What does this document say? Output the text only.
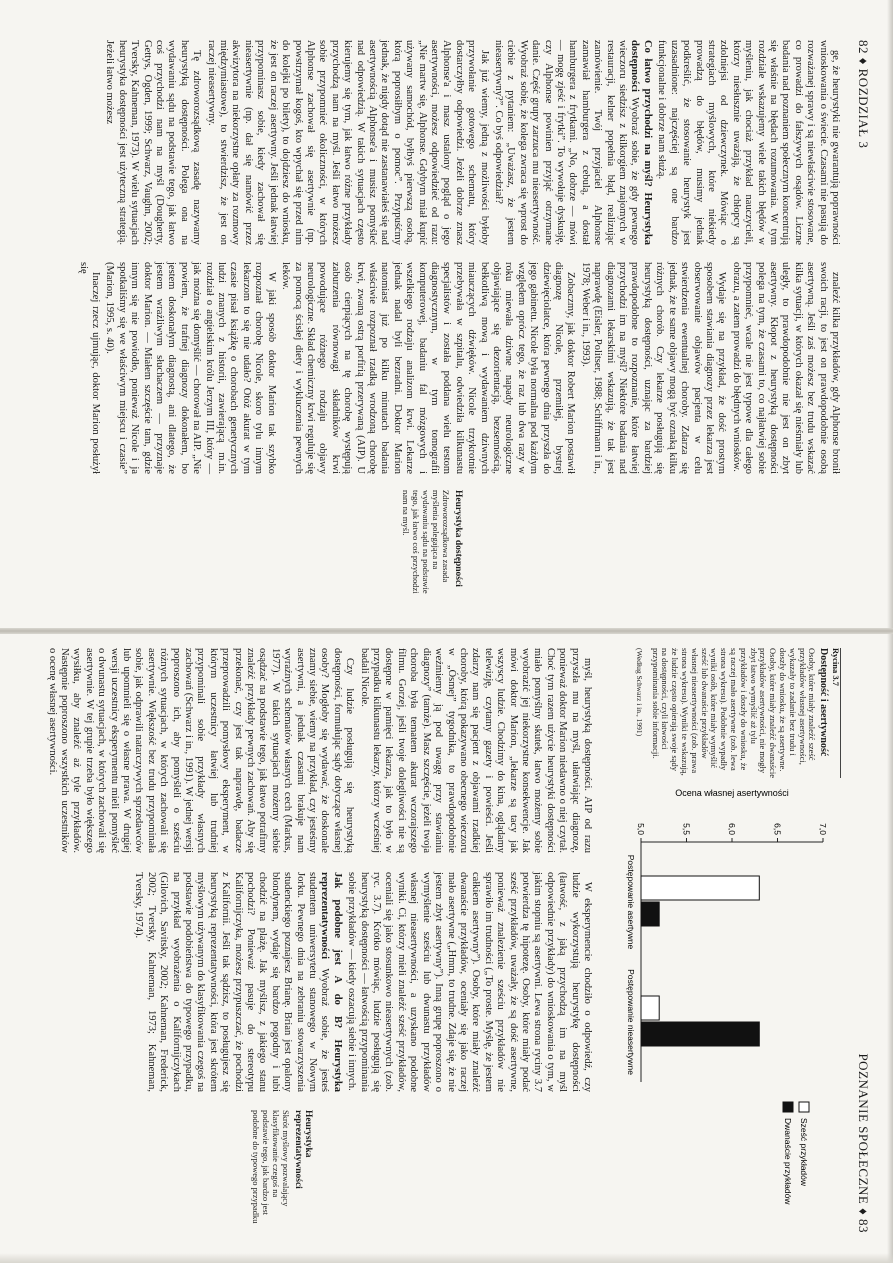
82 ♦ ROZDZIAŁ 3

ge, że heurystyki nie gwarantują poprawności wnioskowania o świecie. Czasami nie pasują do rozważanej sprawy i są niewłaściwie stosowane, co prowadzi do fałszywych osądów. Liczne badania nad poznaniem społecznym koncentrują się właśnie na błędach rozumowania. W tym rozdziale wskazujemy wiele takich błędów w myśleniu, jak chociaż przykład nauczycieli, którzy niesłusznie uważają, że chłopcy są zdolniejsi od dziewczynek. Mówiąc o strategiach myślowych, które niekiedy prowadzą do błędów, musimy jednak podkreślić, że stosowanie heurystyk jest uzasadnione: najczęściej są one bardzo funkcjonalne i dobrze nam służą.

Co łatwo przychodzi na myśl? Heurystyka dostępności Wyobraź sobie, że gdy pewnego wieczoru siedzisz z kilkorgiem znajomych w restauracji, kelner popełnia błąd, realizując zamówienie. Twój przyjaciel Alphonse zamawiał hamburgera z cebulą, a dostał hamburgera z frytkami. „No, dobrze — mówi — mogę zjeść i frytki”. To wywołuje dyskusję, czy Alphonse powinien przyjąć otrzymane danie. Część grupy zarzuca mu nieasertywność. Wyobraź sobie, że kolega zwraca się wprost do ciebie z pytaniem: „Uważasz, że jestem nieasertywny?”. Co byś odpowiedział?

Jak już wiemy, jedną z możliwości byłoby przywołanie gotowego schematu, który dostarczyłby odpowiedzi. Jeżeli dobrze znasz Alphonse'a i masz ustalony pogląd o jego asertywności, możesz odpowiedzieć od razu: „Nie martw się, Alphonse. Gdybym miał kupić używany samochód, byłbyś pierwszą osobą, którą poprosiłbym o pomoc”. Przypuśćmy jednak, że nigdy dotąd nie zastanawiałeś się nad asertywnością Alphonse'a i musisz pomyśleć nad odpowiedzią. W takich sytuacjach często kierujemy się tym, jak łatwo różne przykłady przychodzą nam na myśl. Jeśli łatwo możesz sobie przypomnieć okoliczności, w których Alphonse zachował się asertywnie (np. powstrzymał kogoś, kto wpychał się przed nim do kolejki po bilety), to dojdziesz do wniosku, że jest on raczej asertywny. Jeśli jednak łatwiej przypominasz sobie, kiedy zachował się nieasertywnie (np. dał się namówić przez akwizytora na niekorzystne opłaty za rozmowy międzymiastowe), to stwierdzisz, że jest on raczej nieasertywny.

Tę zdroworozsądkową zasadę nazywamy heurystyką dostępności. Polega ona na wydawaniu sądu na podstawie tego, jak łatwo coś przychodzi nam na myśl (Dougherty, Gettys, Ogden, 1999; Schwarz, Vaughn, 2002; Tversky, Kahneman, 1973). W wielu sytuacjach heurystyka dostępności jest użyteczną strategią. Jeżeli łatwo możesz

znaleźć kilka przykładów, gdy Alphonse bronił swoich racji, to jest on prawdopodobnie osobą asertywną. Jeśli zaś możesz bez trudu wskazać kilka sytuacji, w których okazał się nieśmiały lub uległy, to prawdopodobnie nie jest on zbyt asertywny. Kłopot z heurystyką dostępności polega na tym, że czasami to, co najłatwiej sobie przypomnieć, wcale nie jest typowe dla całego obrazu, a zatem prowadzi do błędnych wniosków.

Wydaje się na przykład, że dość prostym sposobem stawiania diagnozy przez lekarza jest obserwowanie objawów pacjenta w celu stwierdzenia ewentualnej choroby. Zdarza się jednak, że te same objawy mogą być oznaką kilku różnych chorób. Czy lekarze posługują się heurystyką dostępności, uznając za bardziej prawdopodobne to rozpoznanie, które łatwiej przychodzi im na myśl? Niektóre badania nad diagnozami lekarskimi wskazują, że tak jest naprawdę (Eisler, Politser, 1988; Schiffmann i in., 1978; Weber i in., 1993).

Zobaczmy, jak doktor Robert Marion postawił diagnozę Nicole, przemiłej, bystrej dziewięciolatce, która pewnego dnia przyszła do jego gabinetu. Nicole była normalna pod każdym względem oprócz tego, że raz lub dwa razy w roku miewała dziwne napady neurologiczne objawiające się dezorientacją, bezsennością, bełkotliwą mową i wydawaniem dziwnych miauczących dźwięków. Nicole trzykrotnie przebywała w szpitalu, odwiedziła kilkunastu specjalistów i została poddana wielu testom diagnostycznym, w tym tomografii komputerowej, badaniu fal mózgowych i wszelkiego rodzaju analizom krwi. Lekarze jednak nadal byli bezradni. Doktor Marion natomiast już po kilku minutach badania właściwie rozpoznał rzadką wrodzoną chorobę krwi, zwaną ostrą porfirią przerywaną (AIP). U osób cierpiących na tę chorobę występują zaburzenia równowagi składników krwi powodujące różnego rodzaju objawy neurologiczne. Skład chemiczny krwi reguluje się za pomocą ścisłej diety i wykluczenia pewnych leków.

W jaki sposób doktor Marion tak szybko rozpoznał chorobę Nicole, skoro tylu innym lekarzom to się nie udało? Otóż akurat w tym czasie pisał książkę o chorobach genetycznych ludzi znanych z historii, zawierającą m.in. rozdział o angielskim królu Jerzym III, który — jak można się domyślić — chorował na AIP. „Nie powiem, że trafnej diagnozy dokonałem, bo jestem doskonałym diagnostą, ani dlatego, że jestem wrażliwym słuchaczem — przyznaje doktor Marion. — Miałem szczęście tam, gdzie innym się nie powiodło, ponieważ Nicole i ja spotkaliśmy się we właściwym miejscu i czasie” (Marion, 1995, s. 40).

Inaczej rzecz ujmując, doktor Marion posłużył się

Heurystyka dostępności
Zdroworozsądkowa zasada myślenia polegająca na wydawaniu sądu na podstawie tego, jak łatwo coś przychodzi nam na myśl.
POZNANIE SPOŁECZNE ♦ 83
Rycina 3.7
Dostępność i asertywność
Osoby, które miały znaleźć sześć przykładów własnej asertywności, wykazały to zadanie bez trudu i doszły do wniosku, że są asertywne. Osoby, które miały znaleźć dwanaście przykładów asertywności, nie mogły zbyt łatwo wymyślić aż tylu przykładów i doszły do wniosku, że są raczej mało asertywne (zob. lewa strona wykresu). Podobnie wypadły wyniki osób, które miały wymyślić sześć lub dwanaście przykładów własnej nieasertywności (zob. prawa strona wykresu). Wyniki te wskazują, że ludzie często opierają swoje sądy na dostępności, czyli łatwości przypominania sobie informacji.
(Według Schwarz i in., 1991)
Ocena własnej asertywności
5,0	5,5	6,0	6,5	7,0
Postępowanie asertywne
Postępowanie nieasertywne
Sześć przykładów
Dwanaście przykładów

myśl, heurystyką dostępności. AIP od razu przyszła mu na myśl, ułatwiając diagnozę, ponieważ doktor Marion niedawno o niej czytał. Choć tym razem użycie heurystyki dostępności miało pomyślny skutek, łatwo możemy sobie wyobrazić jej niekorzystne konsekwencje. Jak mówi doktor Marion, „lekarze są tacy jak wszyscy ludzie. Chodzimy do kina, oglądamy telewizję, czytamy gazety i powieści. Jeśli zdarzy nam się pacjent z objawami rzadkiej choroby, którą pokazywano obecnego wieczoru w „Ósmej” tygodnika, to prawdopodobnie weźmiemy ją pod uwagę przy stawianiu diagnozy” (tamże). Masz szczęście, jeżeli twoja choroba była tematem akurat wczorajszego filmu. Gorzej, jeśli twoje dolegliwości nie są dostępne w pamięci lekarza, jak to było w przypadku kilkunastu lekarzy, którzy wcześniej badali Nicole.

Czy ludzie posługują się heurystyką dostępności, formułując sądy dotyczące własnej osoby? Mogłoby się wydawać, że doskonale znamy siebie, wiemy na przykład, czy jesteśmy asertywni, a jednak czasami brakuje nam wyraźnych schematów własnych cech (Markus, 1977). W takich sytuacjach możemy siebie osądzać na podstawie tego, jak łatwo potrafimy znaleźć przykłady pewnych zachowań. Aby się przekonać, czy jest tak naprawdę, badacze przeprowadzili pomysłowy eksperyment, w którym uczestnicy łatwiej lub trudniej przypominali sobie przykłady własnych zachowań (Schwarz i in., 1991). W jednej wersji poproszono ich, aby pomyśleli o sześciu różnych sytuacjach, w których zachowali się asertywnie. Większość bez trudu przypominała sobie, jak odprawili natarczywych sprzedawców lub upomnieli się o własne prawa. W drugiej wersji uczestnicy eksperymentu mieli pomyśleć o dwunastu sytuacjach, w których zachowali się asertywnie. W tej grupie trzeba było większego wysiłku, aby znaleźć aż tyle przykładów. Następnie poproszono wszystkich uczestników o ocenę własnej asertywności.

W eksperymencie chodziło o odpowiedź, czy ludzie wykorzystują heurystykę dostępności (łatwość, z jaką przychodzą im na myśl odpowiednie przykłady) do wnioskowania o tym, w jakim stopniu są asertywni. Lewa strona ryciny 3.7 potwierdza tę hipotezę. Osoby, które miały podać sześć przykładów, uważały, że są dość asertywne, ponieważ znalezienie sześciu przykładów nie sprawiło im trudności („To proste. Myślę, że jestem całkiem asertywny”). Osoby, które miały znaleźć dwanaście przykładów, oceniały się jako raczej mało asertywne („Hmm, to trudne. Zdaje się, że nie jestem zbyt asertywny”). Inną grupę poproszono o wymyślenie sześciu lub dwunastu przykładów własnej nieasertywności, a uzyskano podobne wyniki. Ci, którzy mieli znaleźć sześć przykładów, oceniali się jako stosunkowo nieasertywnych (zob. ryc. 3.7). Krótko mówiąc, ludzie posługują się heurystyką dostępności — łatwością przypominania sobie przykładów — kiedy oszacują siebie i innych.

Jak podobne jest A do B? Heurystyka reprezentatywności Wyobraź sobie, że jesteś studentem uniwersytetu stanowego w Nowym Jorku. Pewnego dnia na zebraniu stowarzyszenia studenckiego poznajesz Brianę. Brian jest opalony blondynem, wydaje się bardzo pogodny i lubi chodzić na plażę. Jak myślisz, z jakiego stanu pochodzi? Ponieważ pasuje do stereotypu Kalifornijczyka, możesz przypuszczać, że pochodzi z Kalifornii. Jeśli tak sądzisz, to posługujesz się heurystyką reprezentatywności, która jest skrótem myślowym używanym do klasyfikowania czegoś na podstawie podobieństwa do typowego przypadku, na przykład wyobrażenia o Kalifornijczykach (Gilovich, Savitsky, 2002; Kahneman, Frederick, 2002; Tversky, Kahneman, 1973; Kahneman, Tversky, 1974).

Heurystyka reprezentatywności
Skrót myślowy pozwalający klasyfikowanie czegoś na podstawie tego, jak bardzo jest podobne do typowego przypadku
